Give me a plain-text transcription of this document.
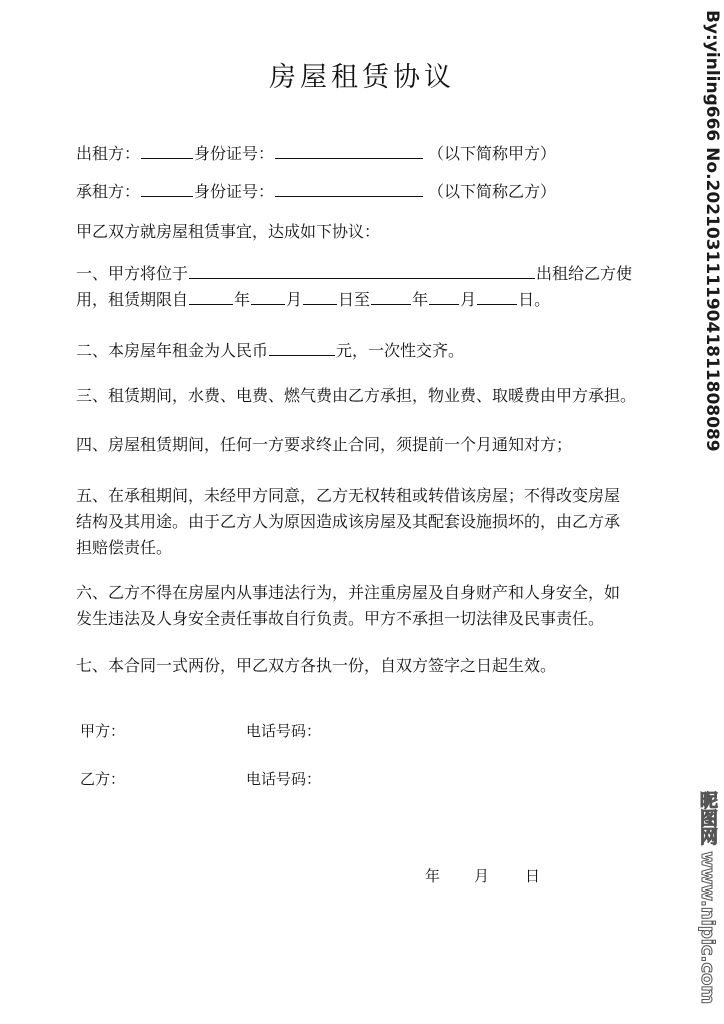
房屋租赁协议
出租方：	身份证号：	（以下简称甲方）
承租方：	身份证号：	（以下简称乙方）
甲乙双方就房屋租赁事宜，达成如下协议：
一、甲方将位于	出租给乙方使
用，租赁期限自	年 月 日至	年 月	日。
二、本房屋年租金为人民币	元，一次性交齐。
三、租赁期间，水费、电费、燃气费由乙方承担，物业费、取暖费由甲方承担。
四、房屋租赁期间，任何一方要求终止合同，须提前一个月通知对方；
五、在承租期间，未经甲方同意，乙方无权转租或转借该房屋；不得改变房屋
结构及其用途。由于乙方人为原因造成该房屋及其配套设施损坏的，由乙方承
担赔偿责任。
六、乙方不得在房屋内从事违法行为，并注重房屋及自身财产和人身安全，如
发生违法及人身安全责任事故自行负责。甲方不承担一切法律及民事责任。
七、本合同一式两份，甲乙双方各执一份，自双方签字之日起生效。
甲方：	电话号码：
乙方：	电话号码：
年 月 日
By:yinling666 No.20210311119041811808089
昵图网 www.nipic.com
